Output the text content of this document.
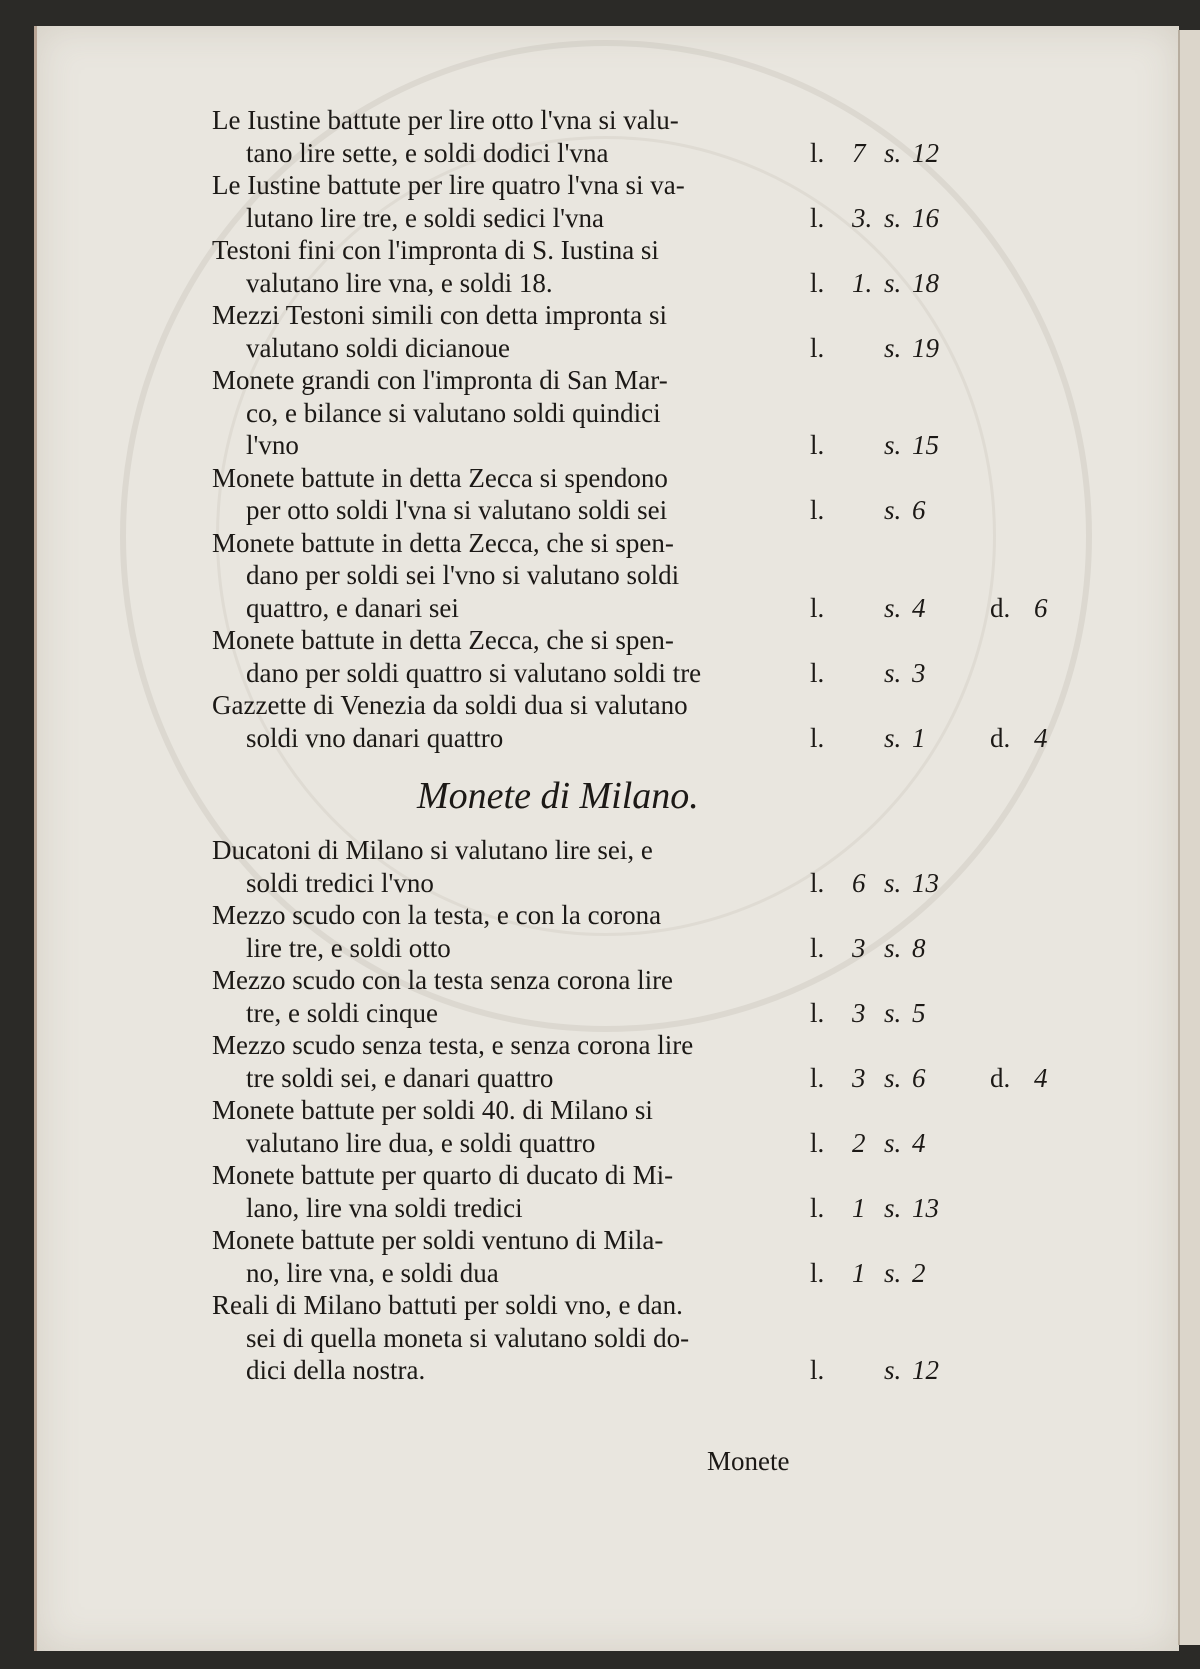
Le Iustine battute per lire otto l'vna si valu-
tano lire sette, e soldi dodici l'vna	l. 7 s. 12
Le Iustine battute per lire quatro l'vna si va-
lutano lire tre, e soldi sedici l'vna	l. 3. s. 16
Testoni fini con l'impronta di S. Iustina si
valutano lire vna, e soldi 18.	l. 1. s. 18
Mezzi Testoni simili con detta impronta si
valutano soldi dicianoue	l. s. 19
Monete grandi con l'impronta di San Mar-
co, e bilance si valutano soldi quindici
l'vno	l. s. 15
Monete battute in detta Zecca si spendono
per otto soldi l'vna si valutano soldi sei	l. s. 6
Monete battute in detta Zecca, che si spen-
dano per soldi sei l'vno si valutano soldi
quattro, e danari sei	l. s. 4 d. 6
Monete battute in detta Zecca, che si spen-
dano per soldi quattro si valutano soldi tre	l. s. 3
Gazzette di Venezia da soldi dua si valutano
soldi vno danari quattro	l. s. 1 d. 4
Monete di Milano.
Ducatoni di Milano si valutano lire sei, e
soldi tredici l'vno	l. 6 s. 13
Mezzo scudo con la testa, e con la corona
lire tre, e soldi otto	l. 3 s. 8
Mezzo scudo con la testa senza corona lire
tre, e soldi cinque	l. 3 s. 5
Mezzo scudo senza testa, e senza corona lire
tre soldi sei, e danari quattro	l. 3 s. 6 d. 4
Monete battute per soldi 40. di Milano si
valutano lire dua, e soldi quattro	l. 2 s. 4
Monete battute per quarto di ducato di Mi-
lano, lire vna soldi tredici	l. 1 s. 13
Monete battute per soldi ventuno di Mila-
no, lire vna, e soldi dua	l. 1 s. 2
Reali di Milano battuti per soldi vno, e dan.
sei di quella moneta si valutano soldi do-
dici della nostra.	l. s. 12
Monete
